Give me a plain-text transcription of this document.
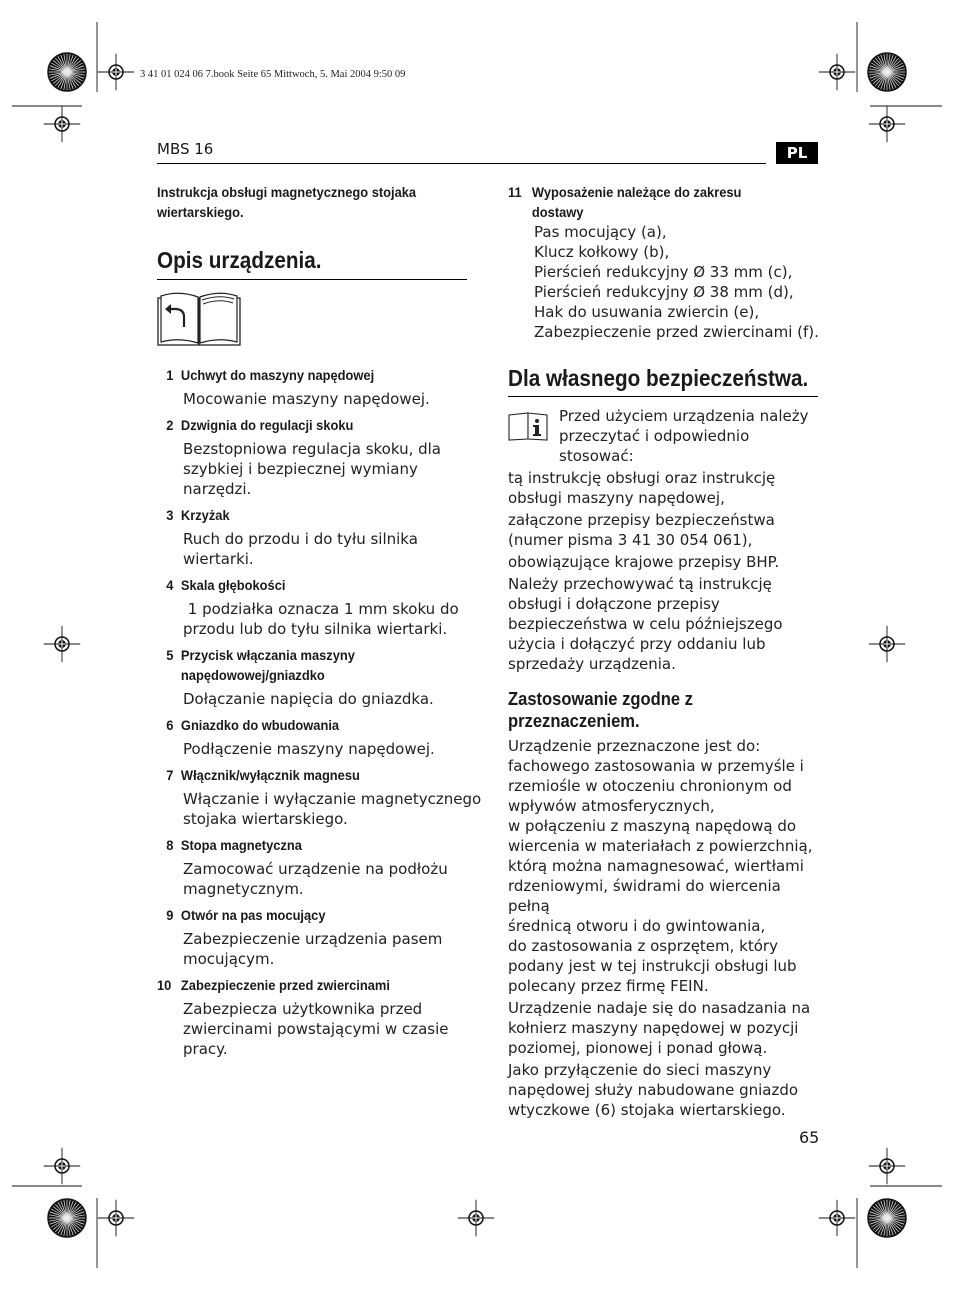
3 41 01 024 06 7.book Seite 65 Mittwoch, 5. Mai 2004 9:50 09
MBS 16	PL
Instrukcja obsługi magnetycznego stojaka wiertarskiego.
Opis urządzenia.
1 Uchwyt do maszyny napędowej
Mocowanie maszyny napędowej.
2 Dzwignia do regulacji skoku
Bezstopniowa regulacja skoku, dla
szybkiej i bezpiecznej wymiany
narzędzi.
3 Krzyżak
Ruch do przodu i do tyłu silnika
wiertarki.
4 Skala głębokości
1 podziałka oznacza 1 mm skoku do
przodu lub do tyłu silnika wiertarki.
5 Przycisk włączania maszyny
napędowowej/gniazdko
Dołączanie napięcia do gniazdka.
6 Gniazdko do wbudowania
Podłączenie maszyny napędowej.
7 Włącznik/wyłącznik magnesu
Włączanie i wyłączanie magnetycznego
stojaka wiertarskiego.
8 Stopa magnetyczna
Zamocować urządzenie na podłożu
magnetycznym.
9 Otwór na pas mocujący
Zabezpieczenie urządzenia pasem
mocującym.
10 Zabezpieczenie przed zwiercinami
Zabezpiecza użytkownika przed
zwiercinami powstającymi w czasie
pracy.
11 Wyposażenie należące do zakresu
dostawy
Pas mocujący (a),
Klucz kołkowy (b),
Pierścień redukcyjny Ø 33 mm (c),
Pierścień redukcyjny Ø 38 mm (d),
Hak do usuwania zwiercin (e),
Zabezpieczenie przed zwiercinami (f).
Dla własnego bezpieczeństwa.
Przed użyciem urządzenia należy
przeczytać i odpowiednio
stosować:
tą instrukcję obsługi oraz instrukcję
obsługi maszyny napędowej,
załączone przepisy bezpieczeństwa
(numer pisma 3 41 30 054 061),
obowiązujące krajowe przepisy BHP.
Należy przechowywać tą instrukcję
obsługi i dołączone przepisy
bezpieczeństwa w celu późniejszego
użycia i dołączyć przy oddaniu lub
sprzedaży urządzenia.
Zastosowanie zgodne z przeznaczeniem.
Urządzenie przeznaczone jest do:
fachowego zastosowania w przemyśle i
rzemiośle w otoczeniu chronionym od
wpływów atmosferycznych,
w połączeniu z maszyną napędową do
wiercenia w materiałach z powierzchnią,
którą można namagnesować, wiertłami
rdzeniowymi, świdrami do wiercenia pełną
średnicą otworu i do gwintowania,
do zastosowania z osprzętem, który
podany jest w tej instrukcji obsługi lub
polecany przez firmę FEIN.
Urządzenie nadaje się do nasadzania na
kołnierz maszyny napędowej w pozycji
poziomej, pionowej i ponad głową.
Jako przyłączenie do sieci maszyny
napędowej służy nabudowane gniazdo
wtyczkowe (6) stojaka wiertarskiego.
65
